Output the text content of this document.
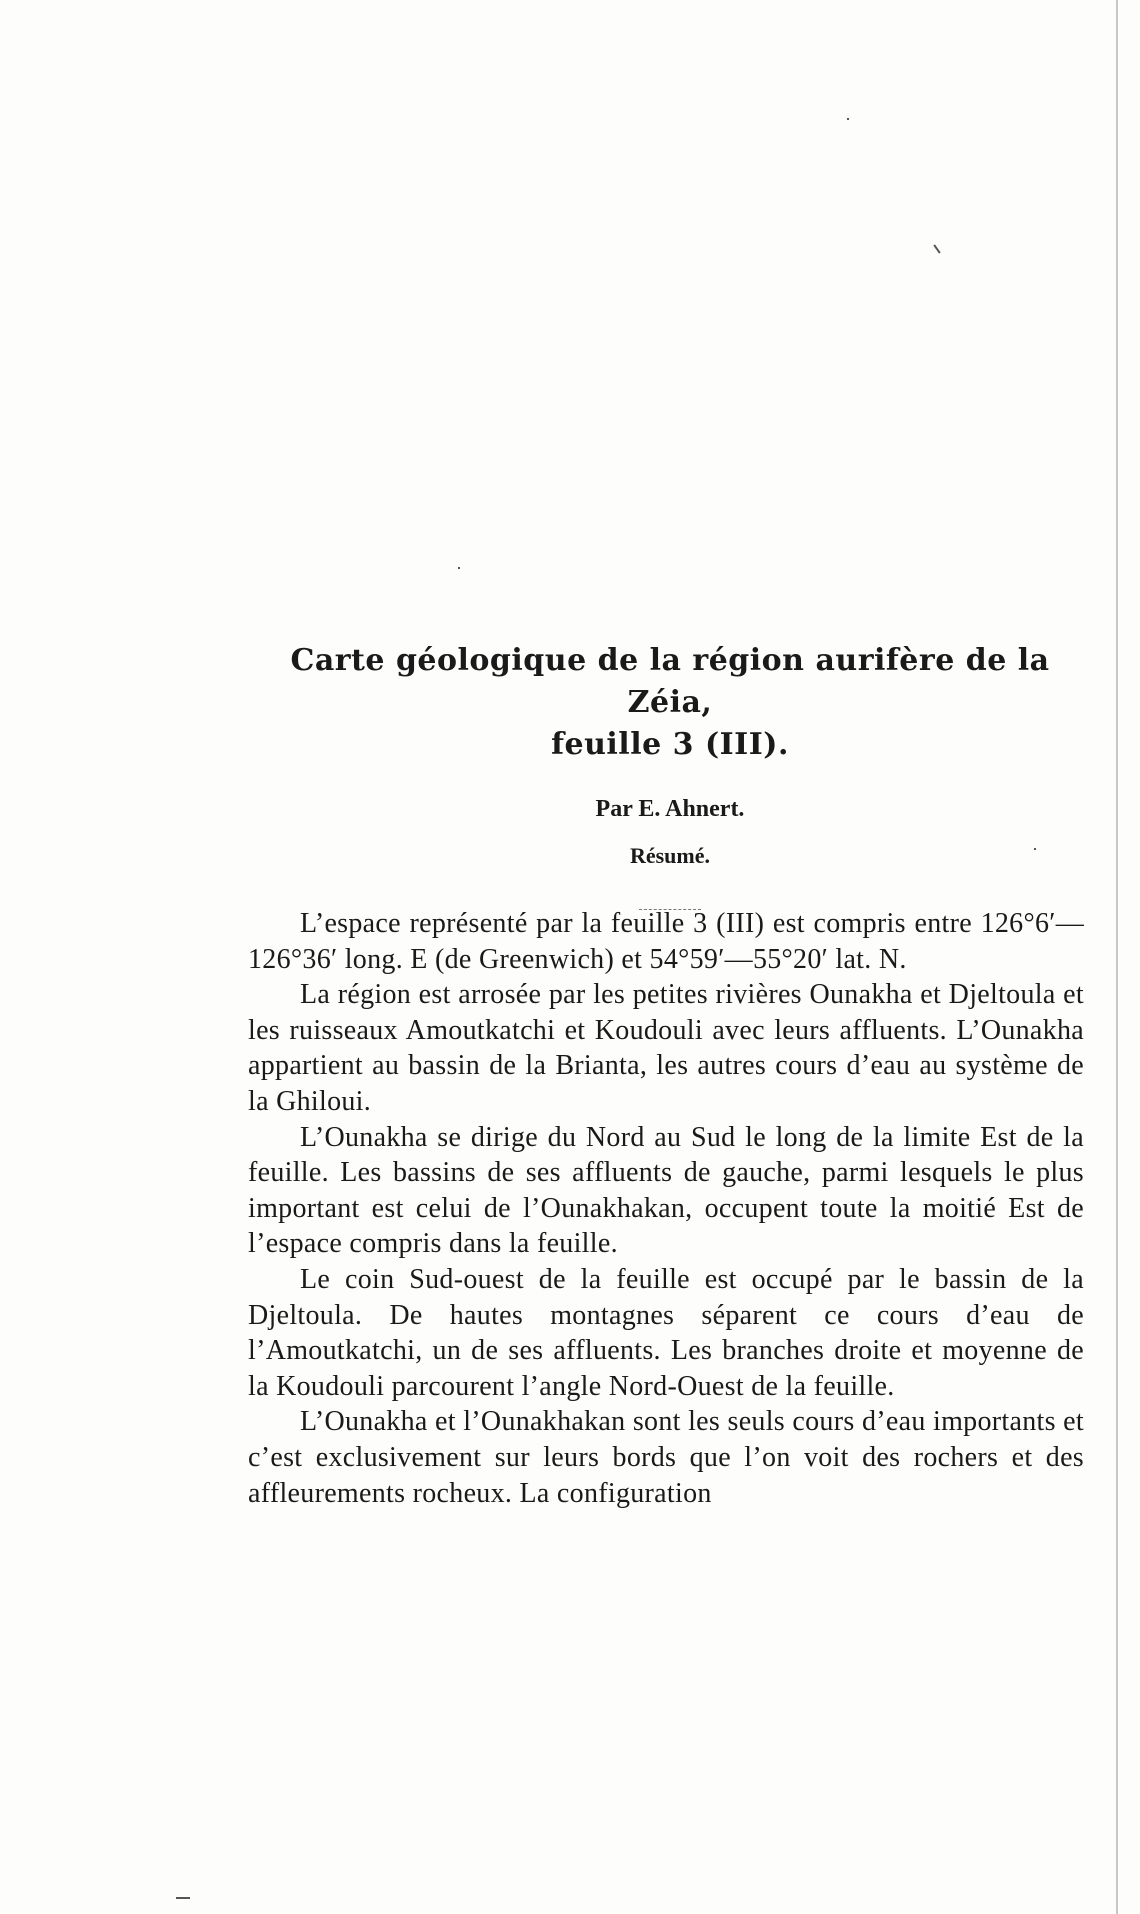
Carte géologique de la région aurifère de la Zéia,
feuille 3 (III).
Par E. Ahnert.
Résumé.

L’espace représenté par la feuille 3 (III) est compris entre 126°6′—126°36′ long. E (de Greenwich) et 54°59′—55°20′ lat. N.

La région est arrosée par les petites rivières Ounakha et Djeltoula et les ruisseaux Amoutkatchi et Koudouli avec leurs affluents. L’Ounakha appartient au bassin de la Brianta, les autres cours d’eau au système de la Ghiloui.

L’Ounakha se dirige du Nord au Sud le long de la limite Est de la feuille. Les bassins de ses affluents de gauche, parmi lesquels le plus important est celui de l’Ounakhakan, occupent toute la moitié Est de l’espace compris dans la feuille.

Le coin Sud-ouest de la feuille est occupé par le bassin de la Djeltoula. De hautes montagnes séparent ce cours d’eau de l’Amoutkatchi, un de ses affluents. Les branches droite et moyenne de la Koudouli parcourent l’angle Nord-Ouest de la feuille.

L’Ounakha et l’Ounakhakan sont les seuls cours d’eau importants et c’est exclusivement sur leurs bords que l’on voit des rochers et des affleurements rocheux. La configuration
